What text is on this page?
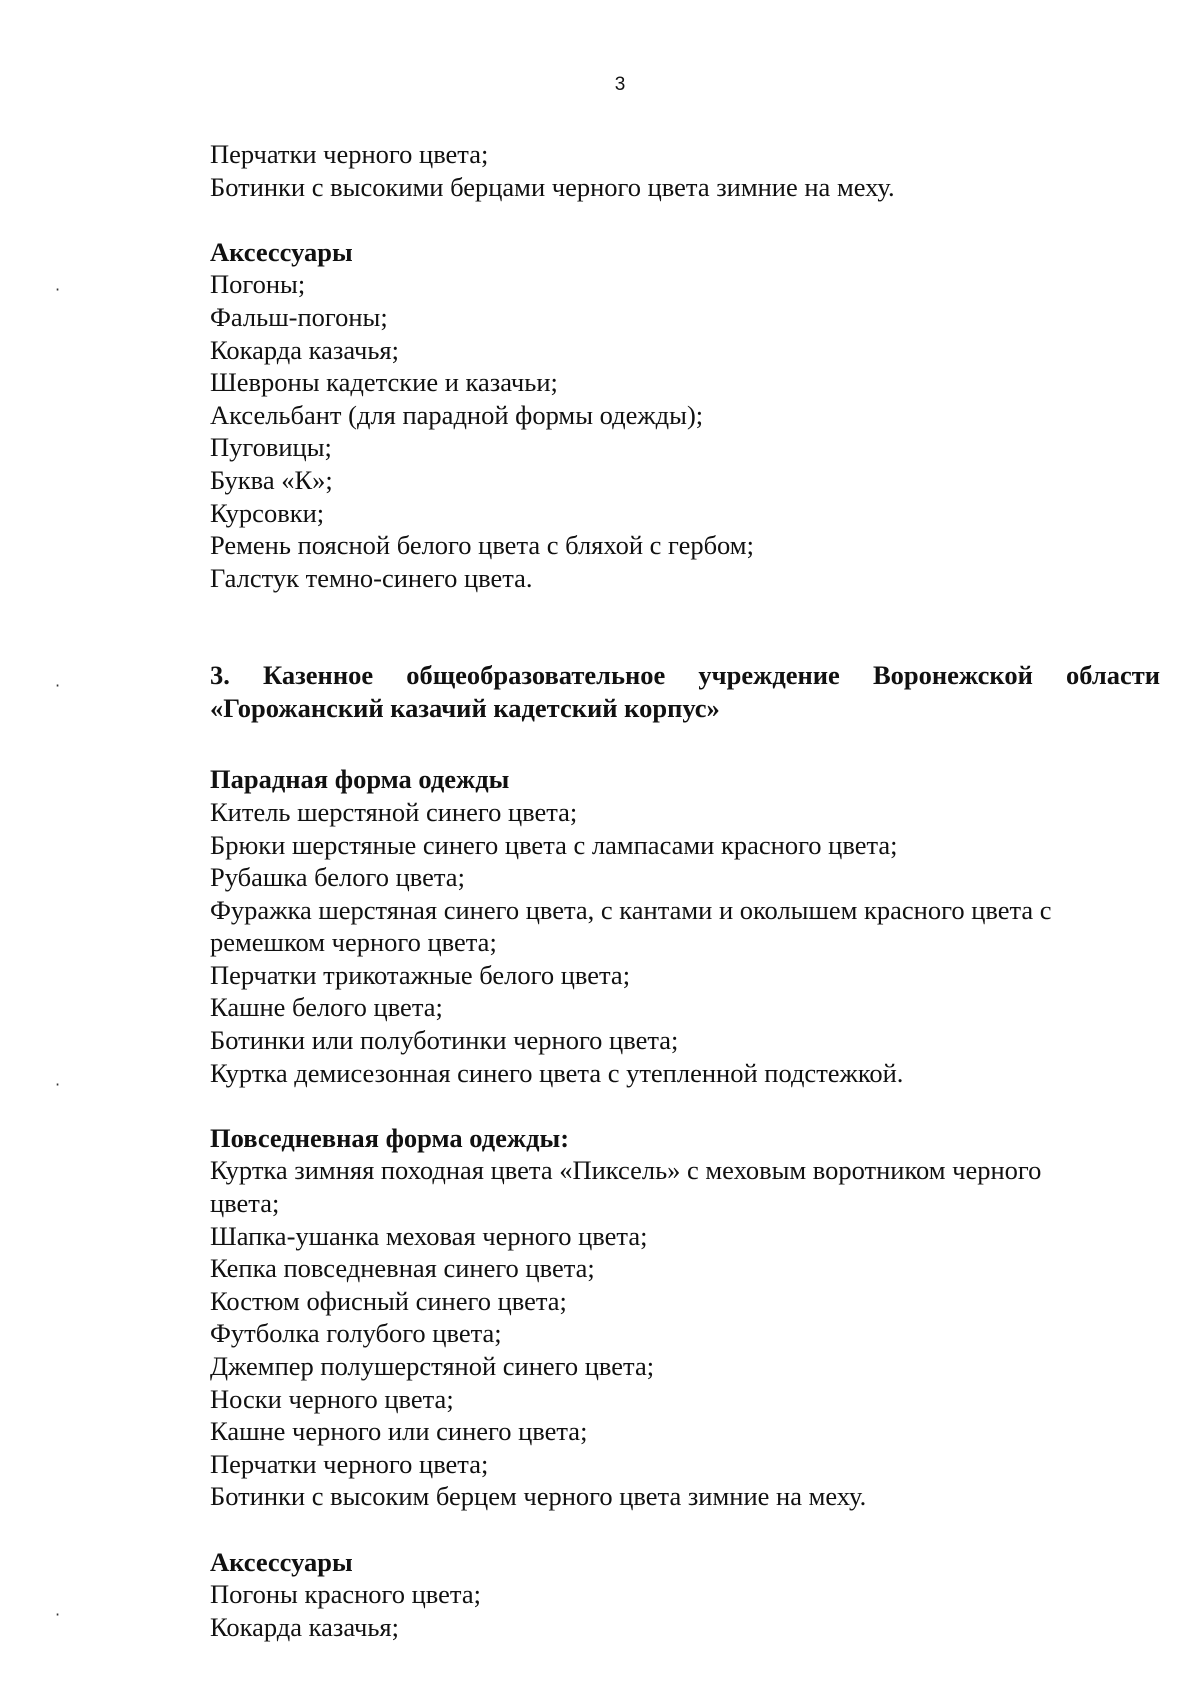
3
·
·
·
·
Перчатки черного цвета;
Ботинки с высокими берцами черного цвета зимние на меху.
Аксессуары
Погоны;
Фальш-погоны;
Кокарда казачья;
Шевроны кадетские и казачьи;
Аксельбант (для парадной формы одежды);
Пуговицы;
Буква «К»;
Курсовки;
Ремень поясной белого цвета с бляхой с гербом;
Галстук темно-синего цвета.
3. Казенное общеобразовательное учреждение Воронежской области
«Горожанский казачий кадетский корпус»
Парадная форма одежды
Китель шерстяной синего цвета;
Брюки шерстяные синего цвета с лампасами красного цвета;
Рубашка белого цвета;
Фуражка шерстяная синего цвета, с кантами и околышем красного цвета с
ремешком черного цвета;
Перчатки трикотажные белого цвета;
Кашне белого цвета;
Ботинки или полуботинки черного цвета;
Куртка демисезонная синего цвета с утепленной подстежкой.
Повседневная форма одежды:
Куртка зимняя походная цвета «Пиксель» с меховым воротником черного
цвета;
Шапка-ушанка меховая черного цвета;
Кепка повседневная синего цвета;
Костюм офисный синего цвета;
Футболка голубого цвета;
Джемпер полушерстяной синего цвета;
Носки черного цвета;
Кашне черного или синего цвета;
Перчатки черного цвета;
Ботинки с высоким берцем черного цвета зимние на меху.
Аксессуары
Погоны красного цвета;
Кокарда казачья;
